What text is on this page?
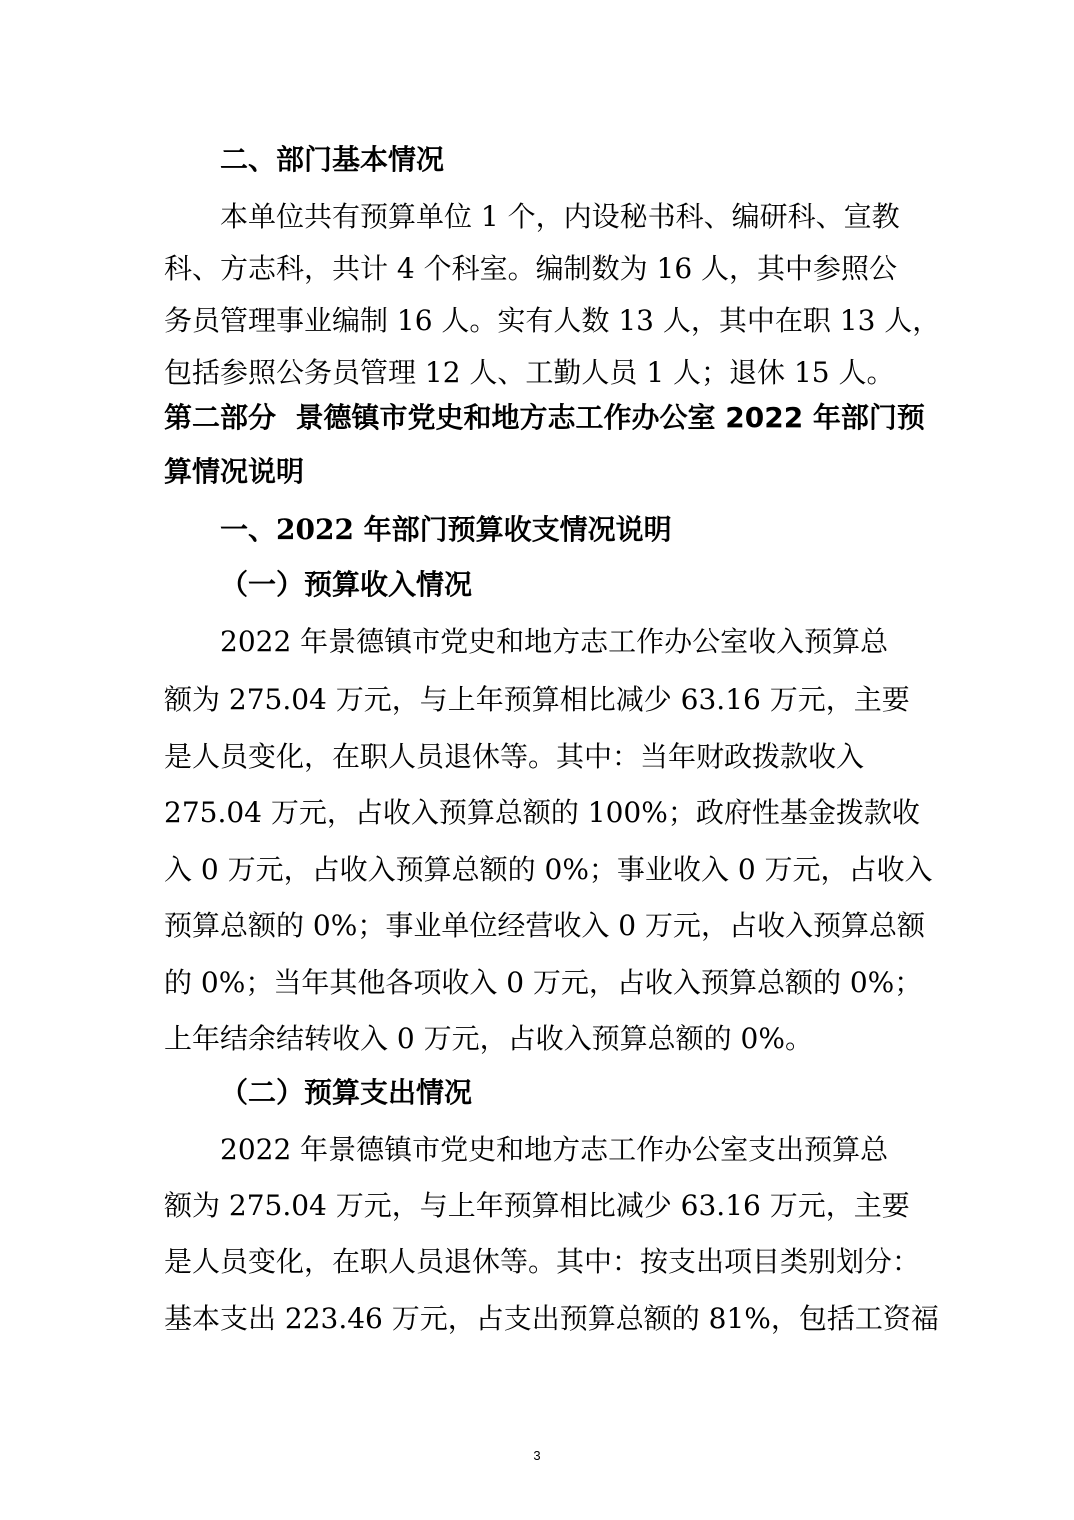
二、部门基本情况
本单位共有预算单位 1 个，内设秘书科、编研科、宣教
科、方志科，共计 4 个科室。编制数为 16 人，其中参照公
务员管理事业编制 16 人。实有人数 13 人，其中在职 13 人，
包括参照公务员管理 12 人、工勤人员 1 人；退休 15 人。
第二部分  景德镇市党史和地方志工作办公室 2022 年部门预
算情况说明
一、2022 年部门预算收支情况说明
（一）预算收入情况
2022 年景德镇市党史和地方志工作办公室收入预算总
额为 275.04 万元，与上年预算相比减少 63.16 万元，主要
是人员变化，在职人员退休等。其中：当年财政拨款收入
275.04 万元，占收入预算总额的 100%；政府性基金拨款收
入 0 万元，占收入预算总额的 0%；事业收入 0 万元，占收入
预算总额的 0%；事业单位经营收入 0 万元，占收入预算总额
的 0%；当年其他各项收入 0 万元，占收入预算总额的 0%；
上年结余结转收入 0 万元，占收入预算总额的 0%。
（二）预算支出情况
2022 年景德镇市党史和地方志工作办公室支出预算总
额为 275.04 万元，与上年预算相比减少 63.16 万元，主要
是人员变化，在职人员退休等。其中：按支出项目类别划分：
基本支出 223.46 万元，占支出预算总额的 81%，包括工资福
3
